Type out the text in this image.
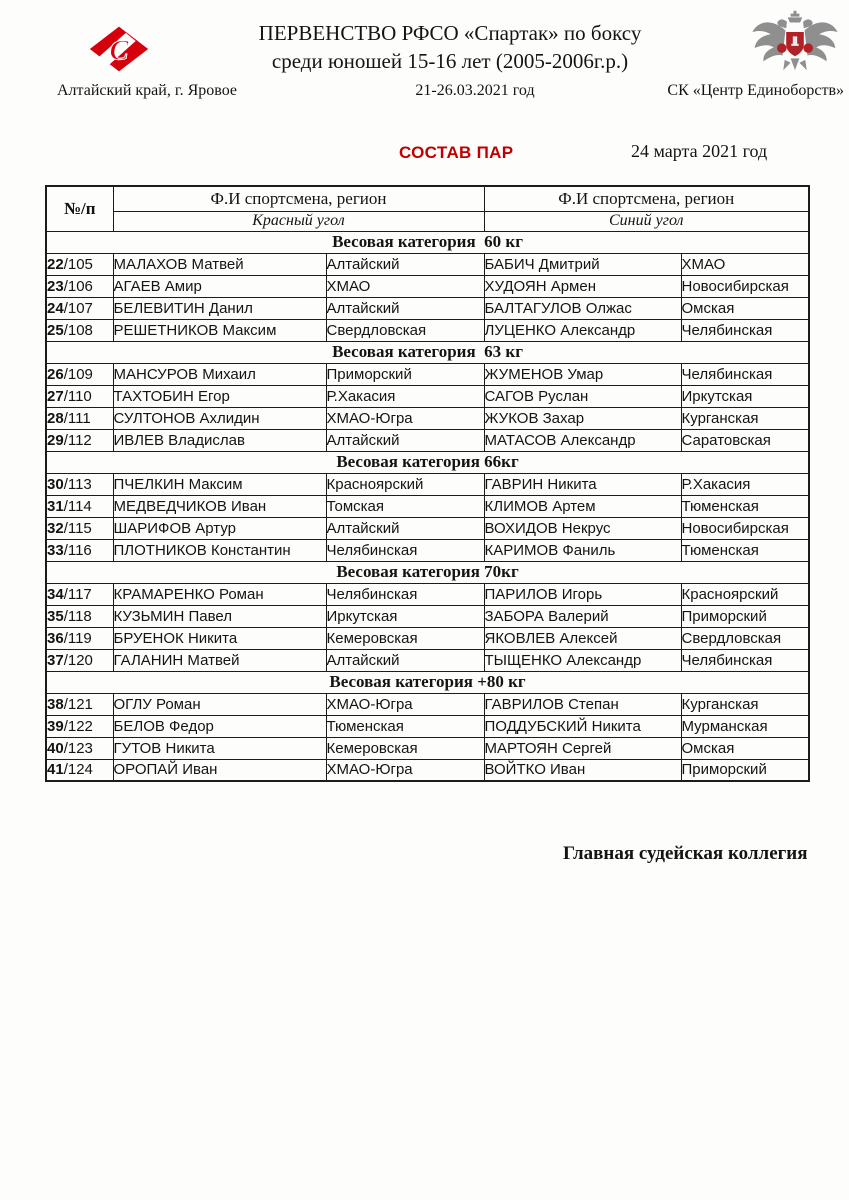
С
ПЕРВЕНСТВО РФСО «Спартак» по боксу
среди юношей 15-16 лет (2005-2006г.р.)
Алтайский край, г. Яровое	21-26.03.2021 год	СК «Центр Единоборств»
СОСТАВ ПАР	24 марта 2021 год
№/п	Ф.И спортсмена, регион		Ф.И спортсмена, регион	
	Красный угол		Синий угол	
Весовая категория  60 кг				
22/105	МАЛАХОВ Матвей	Алтайский	БАБИЧ Дмитрий	ХМАО
23/106	АГАЕВ Амир	ХМАО	ХУДОЯН Армен	Новосибирская
24/107	БЕЛЕВИТИН Данил	Алтайский	БАЛТАГУЛОВ Олжас	Омская
25/108	РЕШЕТНИКОВ Максим	Свердловская	ЛУЦЕНКО Александр	Челябинская
Весовая категория  63 кг				
26/109	МАНСУРОВ Михаил	Приморский	ЖУМЕНОВ Умар	Челябинская
27/110	ТАХТОБИН Егор	Р.Хакасия	САГОВ Руслан	Иркутская
28/111	СУЛТОНОВ Ахлидин	ХМАО-Югра	ЖУКОВ Захар	Курганская
29/112	ИВЛЕВ Владислав	Алтайский	МАТАСОВ Александр	Саратовская
Весовая категория 66кг				
30/113	ПЧЕЛКИН Максим	Красноярский	ГАВРИН Никита	Р.Хакасия
31/114	МЕДВЕДЧИКОВ Иван	Томская	КЛИМОВ Артем	Тюменская
32/115	ШАРИФОВ Артур	Алтайский	ВОХИДОВ Некрус	Новосибирская
33/116	ПЛОТНИКОВ Константин	Челябинская	КАРИМОВ Фаниль	Тюменская
Весовая категория 70кг				
34/117	КРАМАРЕНКО Роман	Челябинская	ПАРИЛОВ Игорь	Красноярский
35/118	КУЗЬМИН Павел	Иркутская	ЗАБОРА Валерий	Приморский
36/119	БРУЕНОК Никита	Кемеровская	ЯКОВЛЕВ Алексей	Свердловская
37/120	ГАЛАНИН Матвей	Алтайский	ТЫЩЕНКО Александр	Челябинская
Весовая категория +80 кг				
38/121	ОГЛУ Роман	ХМАО-Югра	ГАВРИЛОВ Степан	Курганская
39/122	БЕЛОВ Федор	Тюменская	ПОДДУБСКИЙ Никита	Мурманская
40/123	ГУТОВ Никита	Кемеровская	МАРТОЯН Сергей	Омская
41/124	ОРОПАЙ Иван	ХМАО-Югра	ВОЙТКО Иван	Приморский
Главная судейская коллегия
